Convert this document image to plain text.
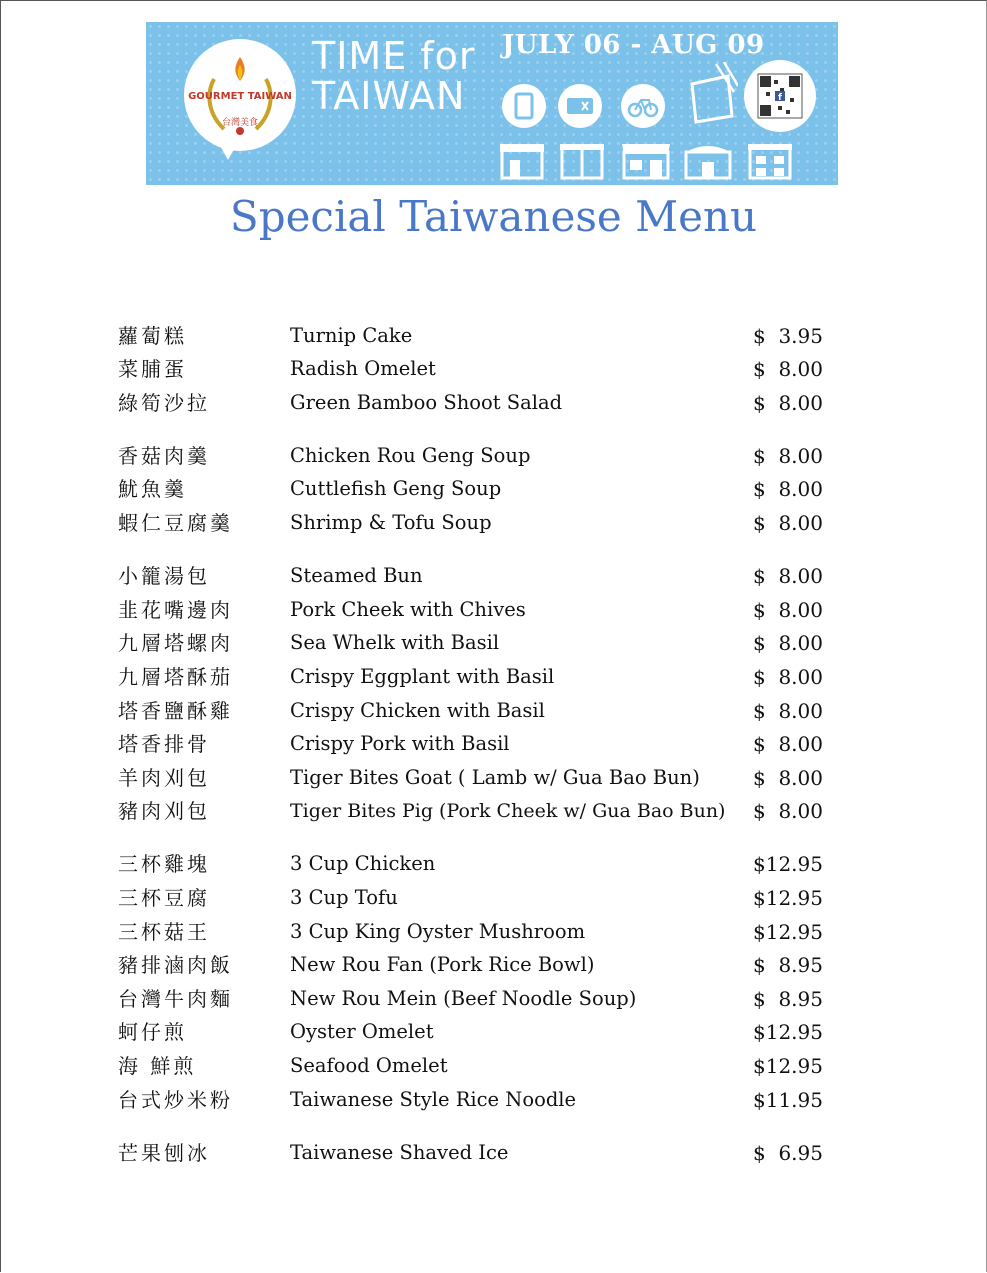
GOURMET TAIWAN
台灣美食
TIME for
TAIWAN
JULY 06 - AUG 09
f
Special Taiwanese Menu
蘿蔔糕	Turnip Cake	$  3.95
菜脯蛋	Radish Omelet	$  8.00
綠筍沙拉	Green Bamboo Shoot Salad	$  8.00
香菇肉羹	Chicken Rou Geng Soup	$  8.00
魷魚羹	Cuttlefish Geng Soup	$  8.00
蝦仁豆腐羹	Shrimp & Tofu Soup	$  8.00
小籠湯包	Steamed Bun	$  8.00
韭花嘴邊肉	Pork Cheek with Chives	$  8.00
九層塔螺肉	Sea Whelk with Basil	$  8.00
九層塔酥茄	Crispy Eggplant with Basil	$  8.00
塔香鹽酥雞	Crispy Chicken with Basil	$  8.00
塔香排骨	Crispy Pork with Basil	$  8.00
羊肉刈包	Tiger Bites Goat ( Lamb w/ Gua Bao Bun)	$  8.00
豬肉刈包	Tiger Bites Pig (Pork Cheek w/ Gua Bao Bun) $  8.00
三杯雞塊	3 Cup Chicken	$12.95
三杯豆腐	3 Cup Tofu	$12.95
三杯菇王	3 Cup King Oyster Mushroom	$12.95
豬排滷肉飯	New Rou Fan (Pork Rice Bowl)	$  8.95
台灣牛肉麵	New Rou Mein (Beef Noodle Soup)	$  8.95
蚵仔煎	Oyster Omelet	$12.95
海 鮮煎	Seafood Omelet	$12.95
台式炒米粉	Taiwanese Style Rice Noodle	$11.95
芒果刨冰	Taiwanese Shaved Ice	$  6.95
